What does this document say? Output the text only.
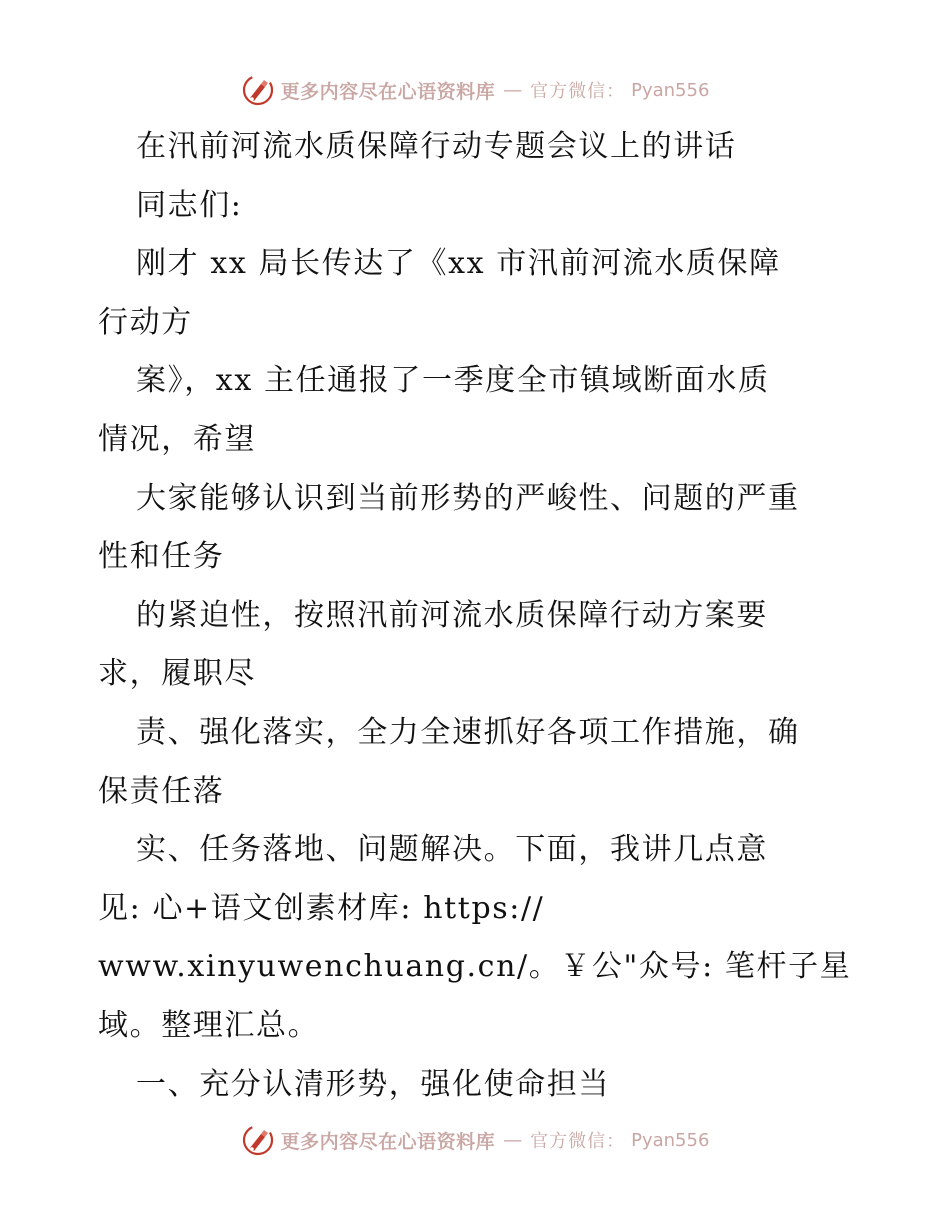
更多内容尽在心语资料库 — 官方微信： Pyan556
在汛前河流水质保障行动专题会议上的讲话
同志们:
刚才 xx 局长传达了《xx 市汛前河流水质保障
行动方
案》，xx 主任通报了一季度全市镇域断面水质
情况，希望
大家能够认识到当前形势的严峻性、问题的严重
性和任务
的紧迫性，按照汛前河流水质保障行动方案要
求，履职尽
责、强化落实，全力全速抓好各项工作措施，确
保责任落
实、任务落地、问题解决。下面，我讲几点意
见: 心+语文创素材库: https://
www.xinyuwenchuang.cn/。￥公"众号: 笔杆子星
域。整理汇总。
一、充分认清形势，强化使命担当
更多内容尽在心语资料库 — 官方微信： Pyan556
